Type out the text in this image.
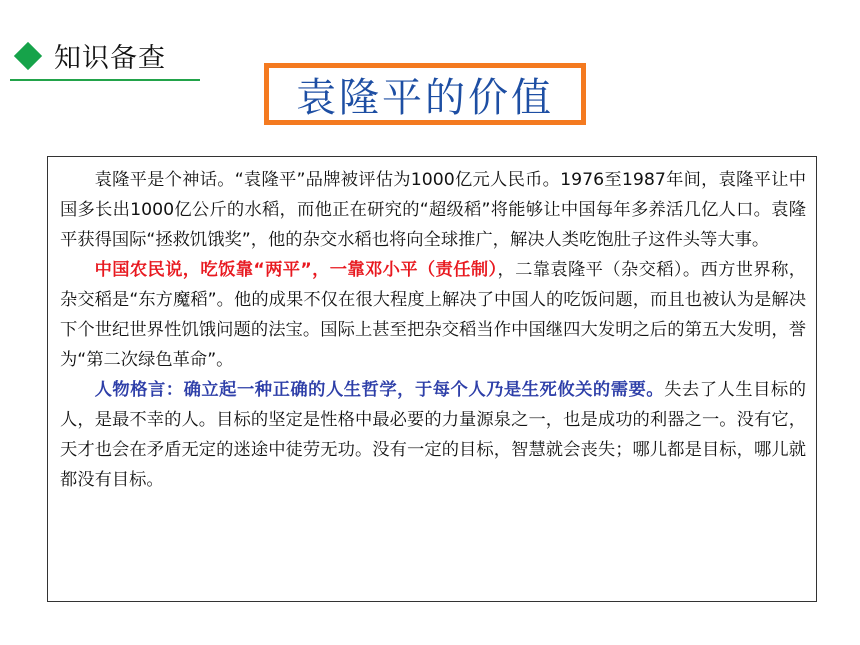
知识备查
袁隆平的价值

袁隆平是个神话。“袁隆平”品牌被评估为1000亿元人民币。1976至1987年间，袁隆平让中国多长出1000亿公斤的水稻，而他正在研究的“超级稻”将能够让中国每年多养活几亿人口。袁隆平获得国际“拯救饥饿奖”，他的杂交水稻也将向全球推广，解决人类吃饱肚子这件头等大事。

中国农民说，吃饭靠“两平”，一靠邓小平（责任制），二靠袁隆平（杂交稻）。西方世界称，杂交稻是“东方魔稻”。他的成果不仅在很大程度上解决了中国人的吃饭问题，而且也被认为是解决下个世纪世界性饥饿问题的法宝。国际上甚至把杂交稻当作中国继四大发明之后的第五大发明，誉为“第二次绿色革命”。

人物格言：确立起一种正确的人生哲学，于每个人乃是生死攸关的需要。失去了人生目标的人，是最不幸的人。目标的坚定是性格中最必要的力量源泉之一，也是成功的利器之一。没有它，天才也会在矛盾无定的迷途中徒劳无功。没有一定的目标，智慧就会丧失；哪儿都是目标，哪儿就都没有目标。
